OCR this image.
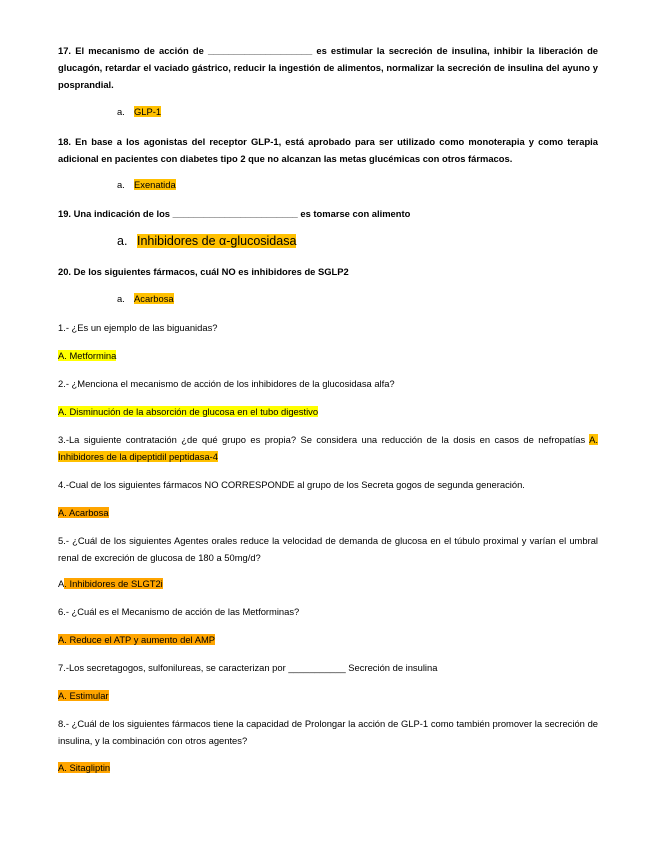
17. El mecanismo de acción de ____________________ es estimular la secreción de insulina, inhibir la liberación de glucagón, retardar el vaciado gástrico, reducir la ingestión de alimentos, normalizar la secreción de insulina del ayuno y posprandial.

a. GLP-1

18. En base a los agonistas del receptor GLP-1, está aprobado para ser utilizado como monoterapia y como terapia adicional en pacientes con diabetes tipo 2 que no alcanzan las metas glucémicas con otros fármacos.

a. Exenatida

19. Una indicación de los ________________________ es tomarse con alimento

a. Inhibidores de α-glucosidasa

20. De los siguientes fármacos, cuál NO es inhibidores de SGLP2

a. Acarbosa

1.- ¿Es un ejemplo de las biguanidas?

A. Metformina

2.- ¿Menciona el mecanismo de acción de los inhibidores de la glucosidasa alfa?

A. Disminución de la absorción de glucosa en el tubo digestivo

3.-La siguiente contratación ¿de qué grupo es propia? Se considera una reducción de la dosis en casos de nefropatías A. Inhibidores de la dipeptidil peptidasa-4

4.-Cual de los siguientes fármacos NO CORRESPONDE al grupo de los Secreta gogos de segunda generación.

A. Acarbosa

5.- ¿Cuál de los siguientes Agentes orales reduce la velocidad de demanda de glucosa en el túbulo proximal y varían el umbral renal de excreción de glucosa de 180 a 50mg/d?

A. Inhibidores de SLGT2i

6.- ¿Cuál es el Mecanismo de acción de las Metforminas?

A. Reduce el ATP y aumento del AMP

7.-Los secretagogos, sulfonilureas, se caracterizan por ___________ Secreción de insulina

A. Estimular

8.- ¿Cuál de los siguientes fármacos tiene la capacidad de Prolongar la acción de GLP-1 como también promover la secreción de insulina, y la combinación con otros agentes?

A. Sitagliptin
